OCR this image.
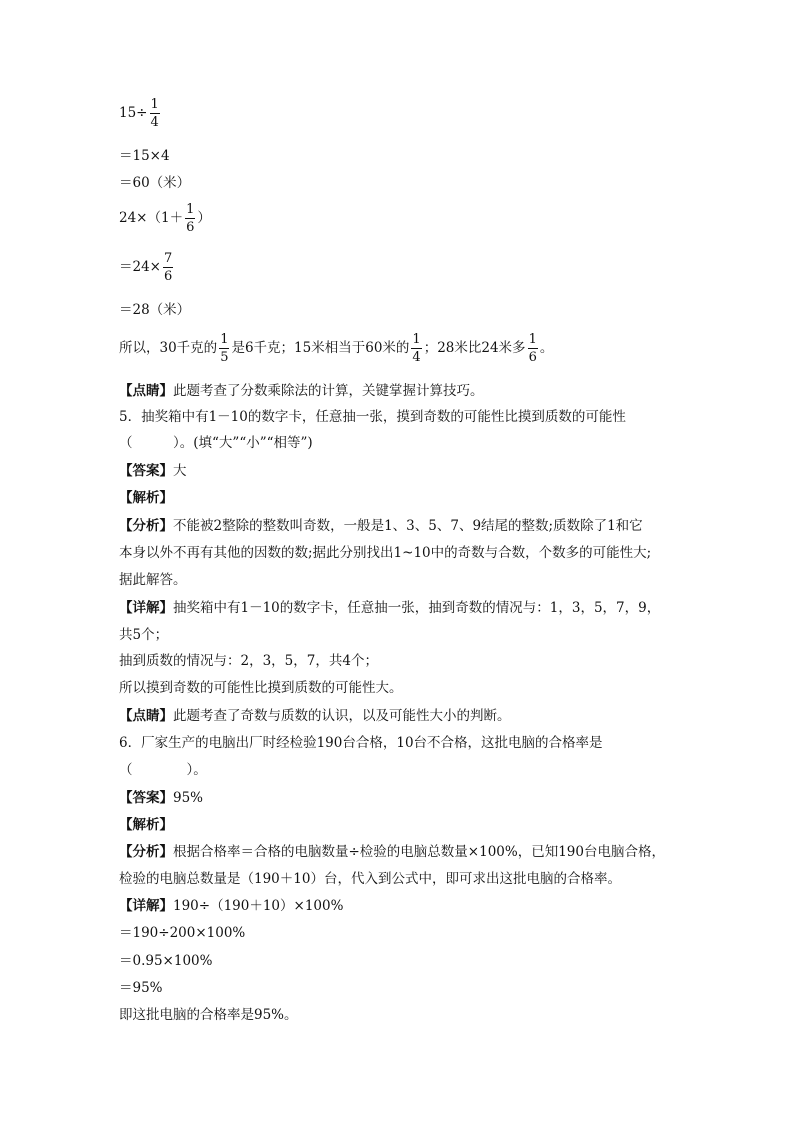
$15\div \frac{1}{4}$
＝15×4
＝60（米）
$24\times(1+ \frac{1}{6}$ ）
$=24\times \frac{7}{6}$
＝28（米）
所以，30千克的 $\frac{1}{5}$ 是6千克；15米相当于60米的 $\frac{1}{4}$ ；28米比24米多 $\frac{1}{6}$ 。
【点睛】此题考查了分数乘除法的计算，关键掌握计算技巧。
5．抽奖箱中有1－10的数字卡，任意抽一张，摸到奇数的可能性比摸到质数的可能性
（　　　）。(填“大”“小”“相等”)
【答案】大
【解析】
【分析】不能被2整除的整数叫奇数，一般是1、3、5、7、9结尾的整数;质数除了1和它
本身以外不再有其他的因数的数;据此分别找出1~10中的奇数与合数，个数多的可能性大;
据此解答。
【详解】抽奖箱中有1－10的数字卡，任意抽一张，抽到奇数的情况与：1，3，5，7，9，
共5个；
抽到质数的情况与：2，3，5，7，共4个；
所以摸到奇数的可能性比摸到质数的可能性大。
【点睛】此题考查了奇数与质数的认识，以及可能性大小的判断。
6．厂家生产的电脑出厂时经检验190台合格，10台不合格，这批电脑的合格率是
（　　　　）。
【答案】95%
【解析】
【分析】根据合格率＝合格的电脑数量÷检验的电脑总数量×100%，已知190台电脑合格，
检验的电脑总数量是（190＋10）台，代入到公式中，即可求出这批电脑的合格率。
【详解】190÷（190＋10）×100%
＝190÷200×100%
＝0.95×100%
＝95%
即这批电脑的合格率是95%。
